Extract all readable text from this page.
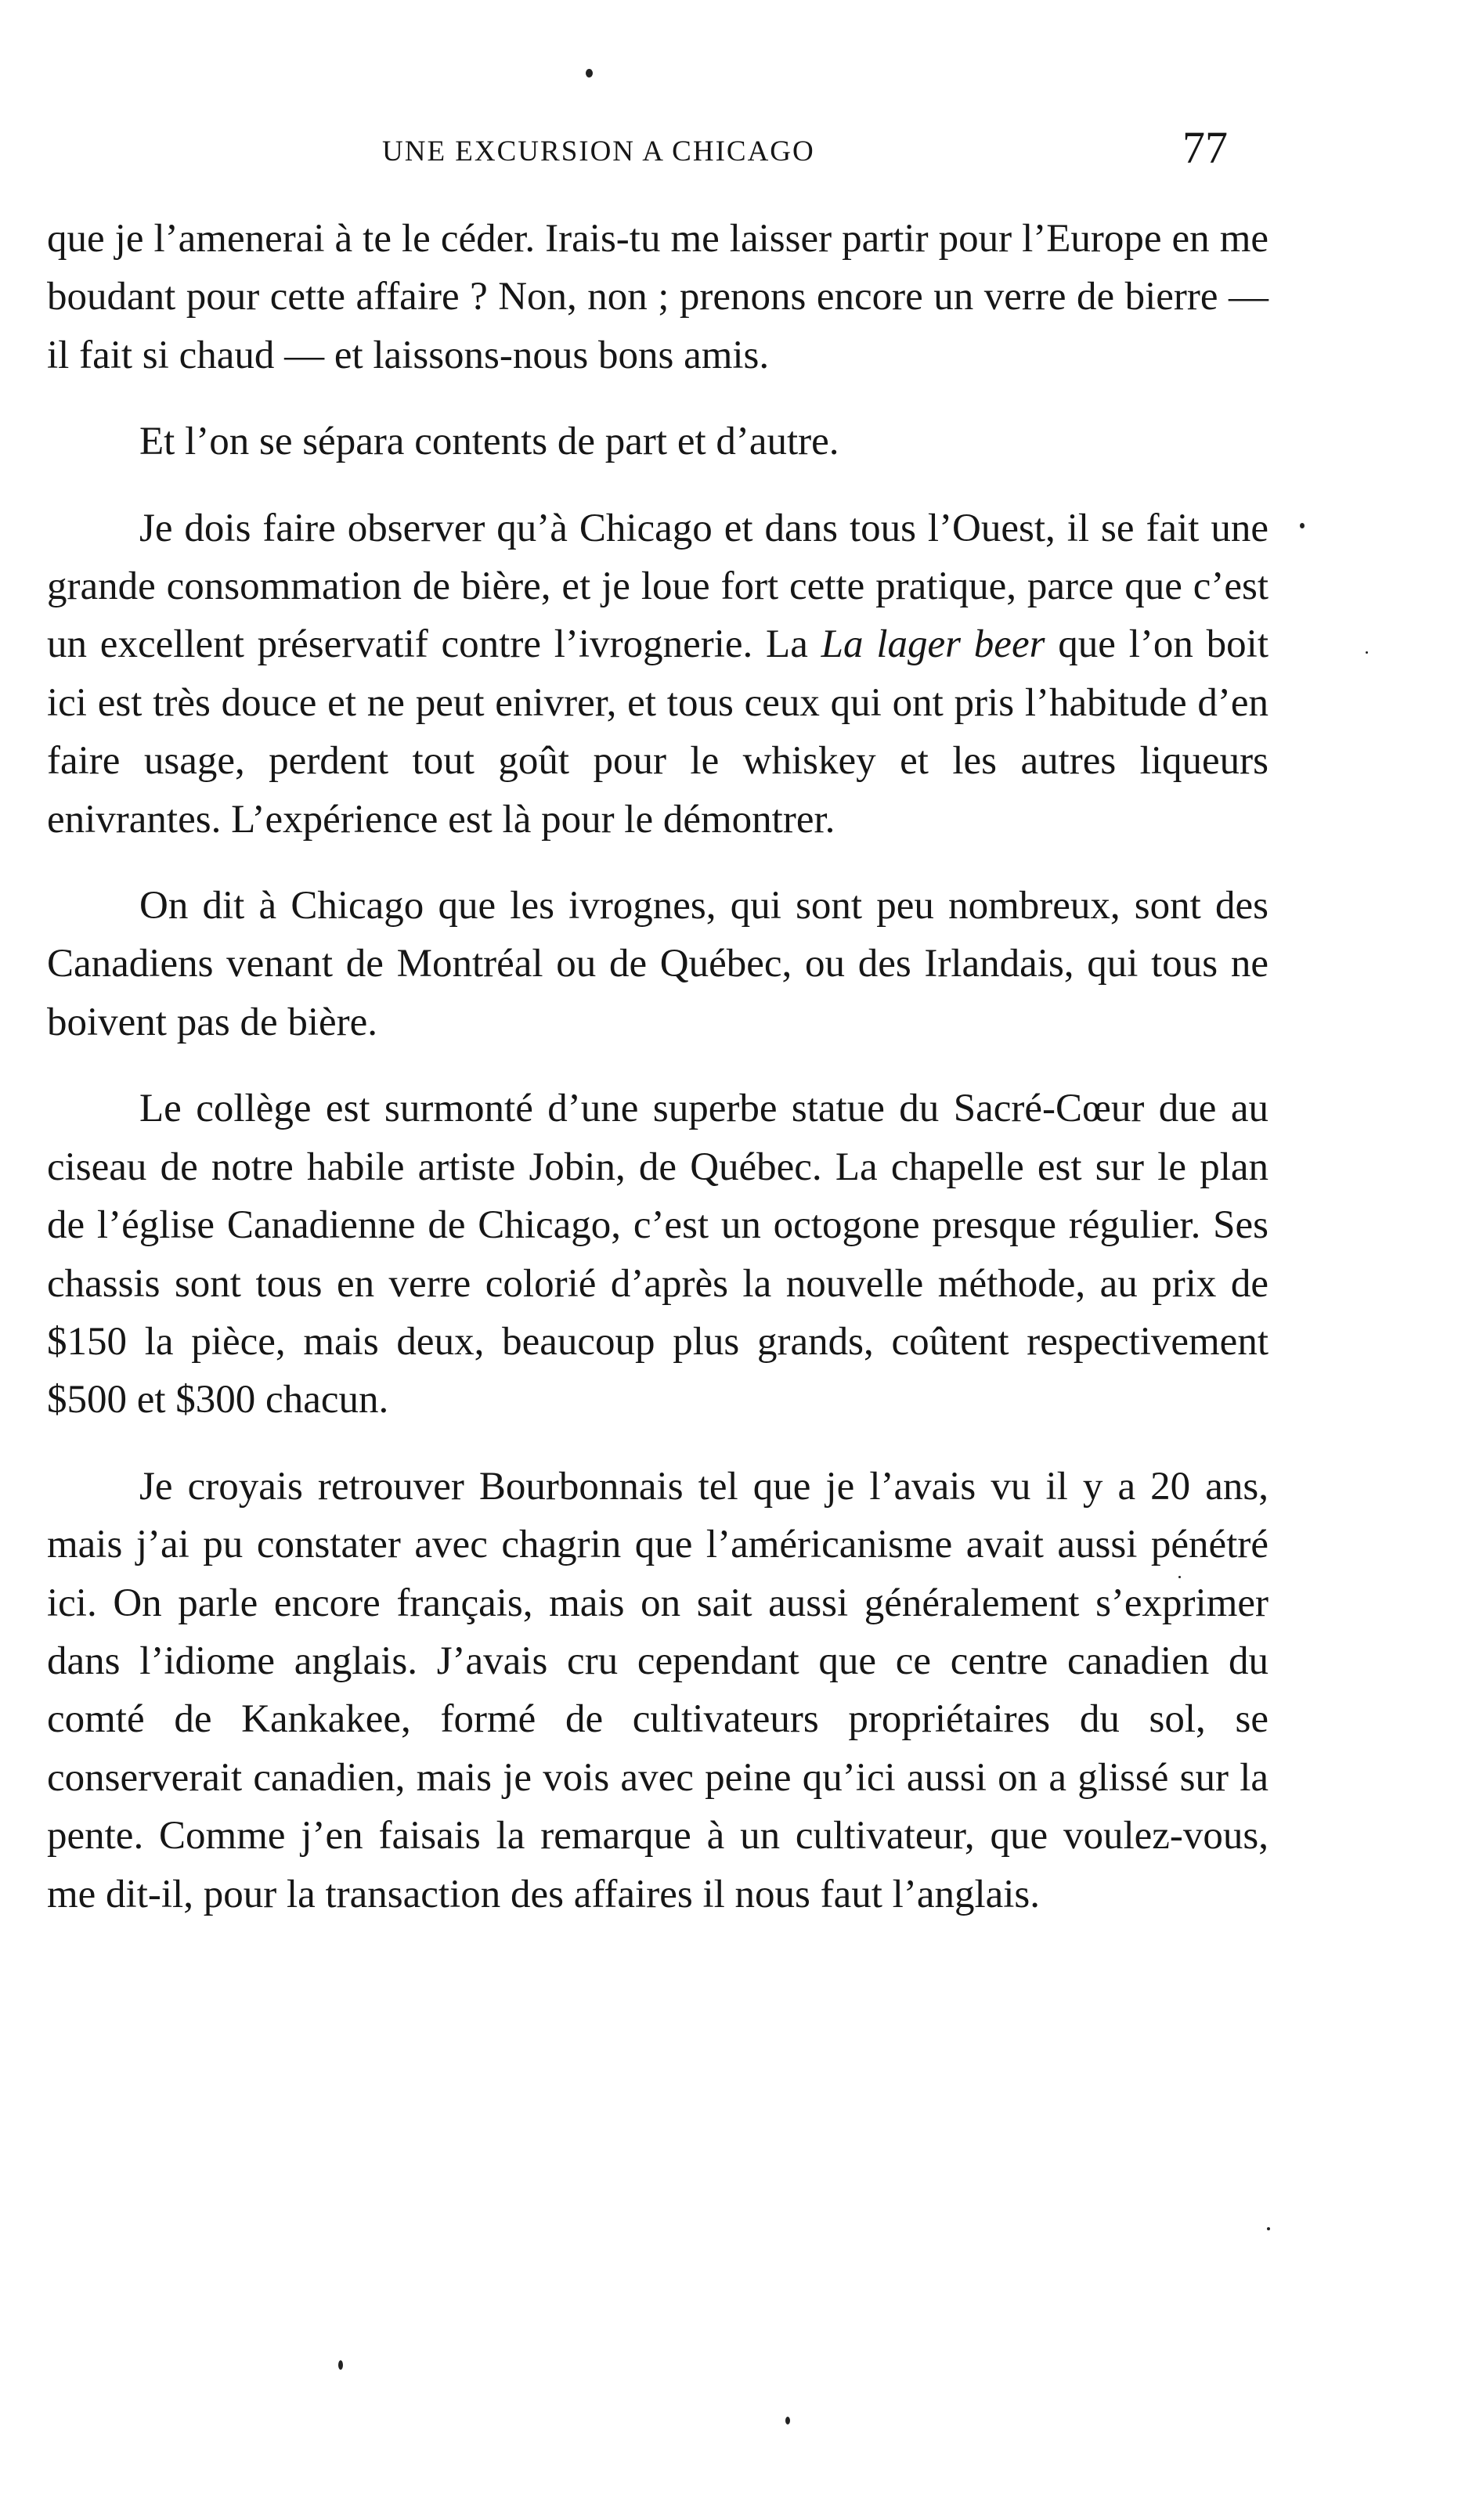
UNE EXCURSION A CHICAGO	77

que je l’amenerai à te le céder. Irais-tu me laisser partir pour l’Europe en me boudant pour cette affaire ? Non, non ; prenons encore un verre de bierre — il fait si chaud — et laissons-nous bons amis.

Et l’on se sépara contents de part et d’autre.

Je dois faire observer qu’à Chicago et dans tous l’Ouest, il se fait une grande consommation de bière, et je loue fort cette pratique, parce que c’est un excellent préservatif contre l’ivrognerie. La La lager beer que l’on boit ici est très douce et ne peut enivrer, et tous ceux qui ont pris l’habitude d’en faire usage, perdent tout goût pour le whiskey et les autres liqueurs enivrantes. L’expérience est là pour le démontrer.

On dit à Chicago que les ivrognes, qui sont peu nombreux, sont des Canadiens venant de Montréal ou de Québec, ou des Irlandais, qui tous ne boivent pas de bière.

Le collège est surmonté d’une superbe statue du Sacré-Cœur due au ciseau de notre habile artiste Jobin, de Québec. La chapelle est sur le plan de l’église Canadienne de Chicago, c’est un octogone presque régulier. Ses chassis sont tous en verre colorié d’après la nouvelle méthode, au prix de $150 la pièce, mais deux, beaucoup plus grands, coûtent respectivement $500 et $300 chacun.

Je croyais retrouver Bourbonnais tel que je l’avais vu il y a 20 ans, mais j’ai pu constater avec chagrin que l’américanisme avait aussi pénétré ici. On parle encore français, mais on sait aussi généralement s’exprimer dans l’idiome anglais. J’avais cru cependant que ce centre canadien du comté de Kankakee, formé de cultivateurs propriétaires du sol, se conserverait canadien, mais je vois avec peine qu’ici aussi on a glissé sur la pente. Comme j’en faisais la remarque à un cultivateur, que voulez-vous, me dit-il, pour la transaction des affaires il nous faut l’anglais.
